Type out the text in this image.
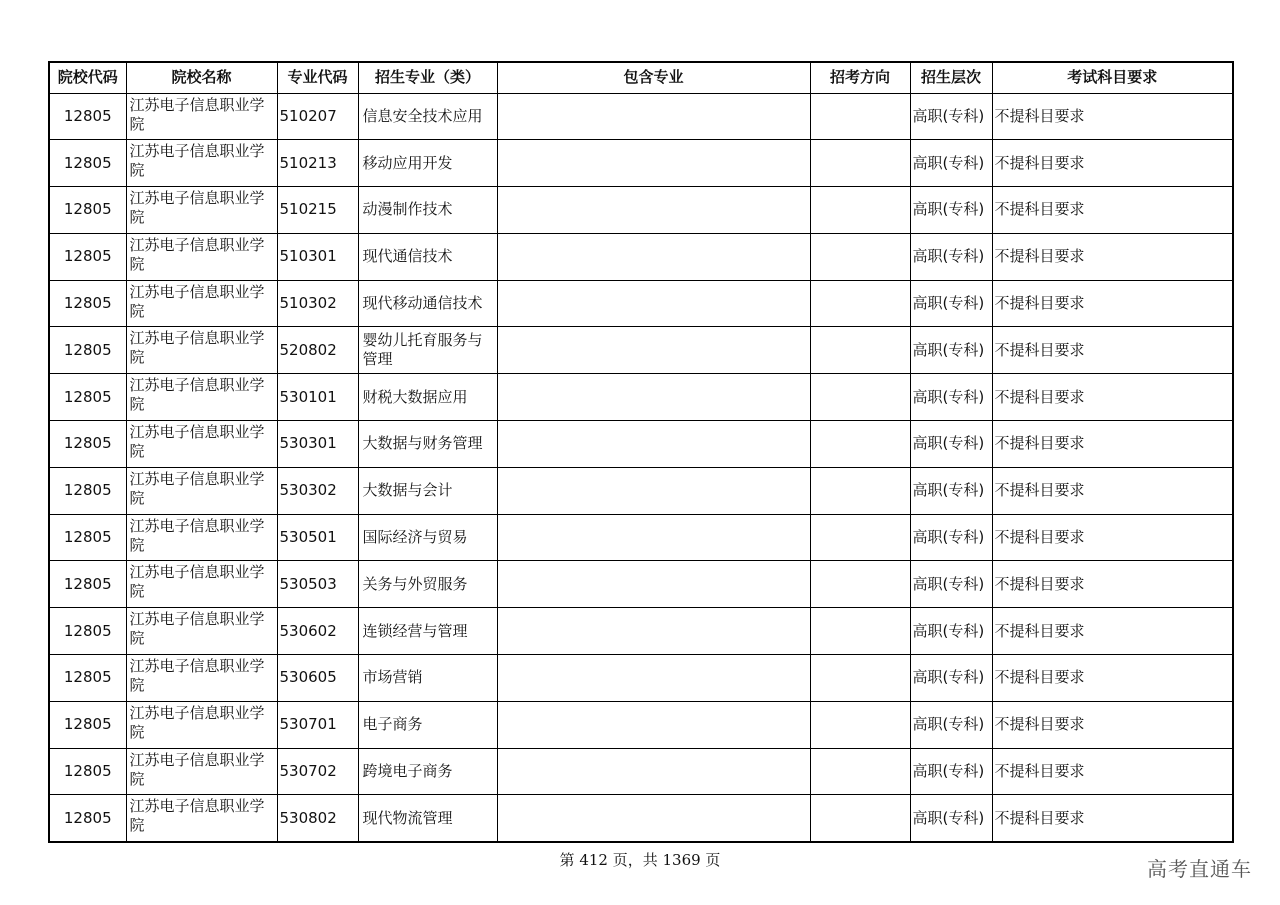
院校代码	院校名称	专业代码	招生专业（类）	包含专业	招考方向	招生层次	考试科目要求
12805	江苏电子信息职业学院	510207	信息安全技术应用			高职(专科)	不提科目要求
12805	江苏电子信息职业学院	510213	移动应用开发			高职(专科)	不提科目要求
12805	江苏电子信息职业学院	510215	动漫制作技术			高职(专科)	不提科目要求
12805	江苏电子信息职业学院	510301	现代通信技术			高职(专科)	不提科目要求
12805	江苏电子信息职业学院	510302	现代移动通信技术			高职(专科)	不提科目要求
12805	江苏电子信息职业学院	520802	婴幼儿托育服务与管理			高职(专科)	不提科目要求
12805	江苏电子信息职业学院	530101	财税大数据应用			高职(专科)	不提科目要求
12805	江苏电子信息职业学院	530301	大数据与财务管理			高职(专科)	不提科目要求
12805	江苏电子信息职业学院	530302	大数据与会计			高职(专科)	不提科目要求
12805	江苏电子信息职业学院	530501	国际经济与贸易			高职(专科)	不提科目要求
12805	江苏电子信息职业学院	530503	关务与外贸服务			高职(专科)	不提科目要求
12805	江苏电子信息职业学院	530602	连锁经营与管理			高职(专科)	不提科目要求
12805	江苏电子信息职业学院	530605	市场营销			高职(专科)	不提科目要求
12805	江苏电子信息职业学院	530701	电子商务			高职(专科)	不提科目要求
12805	江苏电子信息职业学院	530702	跨境电子商务			高职(专科)	不提科目要求
12805	江苏电子信息职业学院	530802	现代物流管理			高职(专科)	不提科目要求
第 412 页，共 1369 页	高考直通车
